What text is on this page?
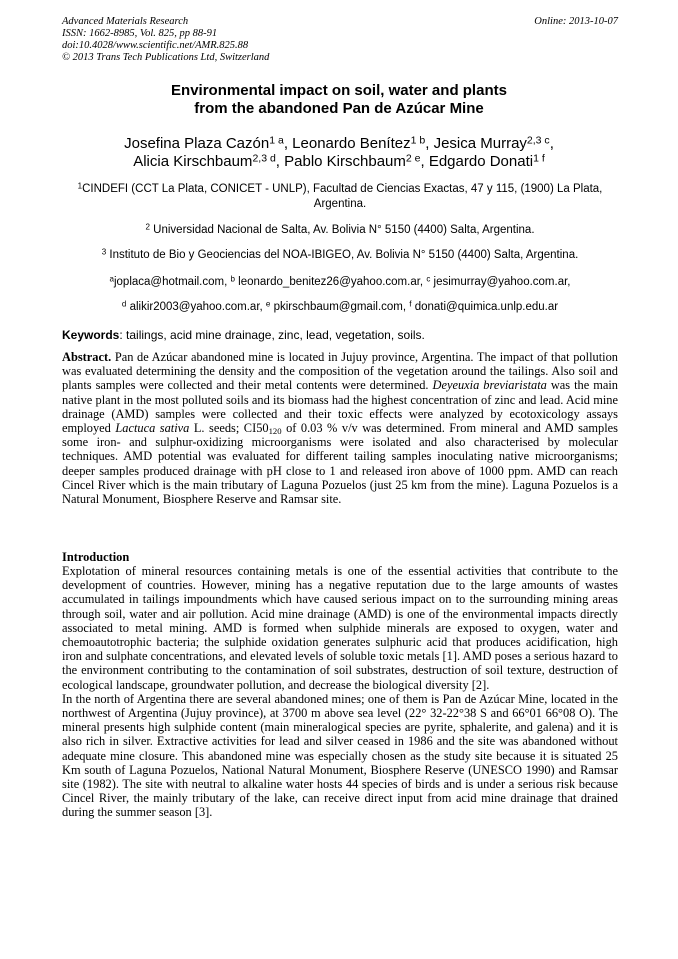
Advanced Materials Research
ISSN: 1662-8985, Vol. 825, pp 88-91
doi:10.4028/www.scientific.net/AMR.825.88
© 2013 Trans Tech Publications Ltd, Switzerland
Online: 2013-10-07
Environmental impact on soil, water and plants
from the abandoned Pan de Azúcar Mine
Josefina Plaza Cazón$^{1 a}$, Leonardo Benítez$^{1 b}$, Jesica Murray$^{2,3 c}$,
Alicia Kirschbaum$^{2,3 d}$, Pablo Kirschbaum$^{2 e}$, Edgardo Donati$^{1 f}$
$^1$CINDEFI (CCT La Plata, CONICET - UNLP), Facultad de Ciencias Exactas, 47 y 115, (1900) La Plata, Argentina.
$^2$ Universidad Nacional de Salta, Av. Bolivia N° 5150 (4400) Salta, Argentina.
$^3$ Instituto de Bio y Geociencias del NOA-IBIGEO, Av. Bolivia N° 5150 (4400) Salta, Argentina.
$^a$joplaca@hotmail.com, $^b$ leonardo_benitez26@yahoo.com.ar, $^c$ jesimurray@yahoo.com.ar,
$^d$ alikir2003@yahoo.com.ar, $^e$ pkirschbaum@gmail.com, $^f$ donati@quimica.unlp.edu.ar
Keywords: tailings, acid mine drainage, zinc, lead, vegetation, soils.
Abstract. Pan de Azúcar abandoned mine is located in Jujuy province, Argentina. The impact of that pollution was evaluated determining the density and the composition of the vegetation around the tailings. Also soil and plants samples were collected and their metal contents were determined. Deyeuxia breviaristata was the main native plant in the most polluted soils and its biomass had the highest concentration of zinc and lead. Acid mine drainage (AMD) samples were collected and their toxic effects were analyzed by ecotoxicology assays employed Lactuca sativa L. seeds; $CI50_{120}$ of 0.03 % v/v was determined. From mineral and AMD samples some iron- and sulphur-oxidizing microorganisms were isolated and also characterised by molecular techniques. AMD potential was evaluated for different tailing samples inoculating native microorganisms; deeper samples produced drainage with pH close to 1 and released iron above of 1000 ppm. AMD can reach Cincel River which is the main tributary of Laguna Pozuelos (just 25 km from the mine). Laguna Pozuelos is a Natural Monument, Biosphere Reserve and Ramsar site.
Introduction

Explotation of mineral resources containing metals is one of the essential activities that contribute to the development of countries. However, mining has a negative reputation due to the large amounts of wastes accumulated in tailings impoundments which have caused serious impact on to the surrounding mining areas through soil, water and air pollution. Acid mine drainage (AMD) is one of the environmental impacts directly associated to metal mining. AMD is formed when sulphide minerals are exposed to oxygen, water and chemoautotrophic bacteria; the sulphide oxidation generates sulphuric acid that produces acidification, high iron and sulphate concentrations, and elevated levels of soluble toxic metals [1]. AMD poses a serious hazard to the environment contributing to the contamination of soil substrates, destruction of soil texture, destruction of ecological landscape, groundwater pollution, and decrease the biological diversity [2].

In the north of Argentina there are several abandoned mines; one of them is Pan de Azúcar Mine, located in the northwest of Argentina (Jujuy province), at 3700 m above sea level (22° 32-22°38 S and 66°01 66°08 O). The mineral presents high sulphide content (main mineralogical species are pyrite, sphalerite, and galena) and it is also rich in silver. Extractive activities for lead and silver ceased in 1986 and the site was abandoned without adequate mine closure. This abandoned mine was especially chosen as the study site because it is situated 25 Km south of Laguna Pozuelos, National Natural Monument, Biosphere Reserve (UNESCO 1990) and Ramsar site (1982). The site with neutral to alkaline water hosts 44 species of birds and is under a serious risk because Cincel River, the mainly tributary of the lake, can receive direct input from acid mine drainage that drained during the summer season [3].
